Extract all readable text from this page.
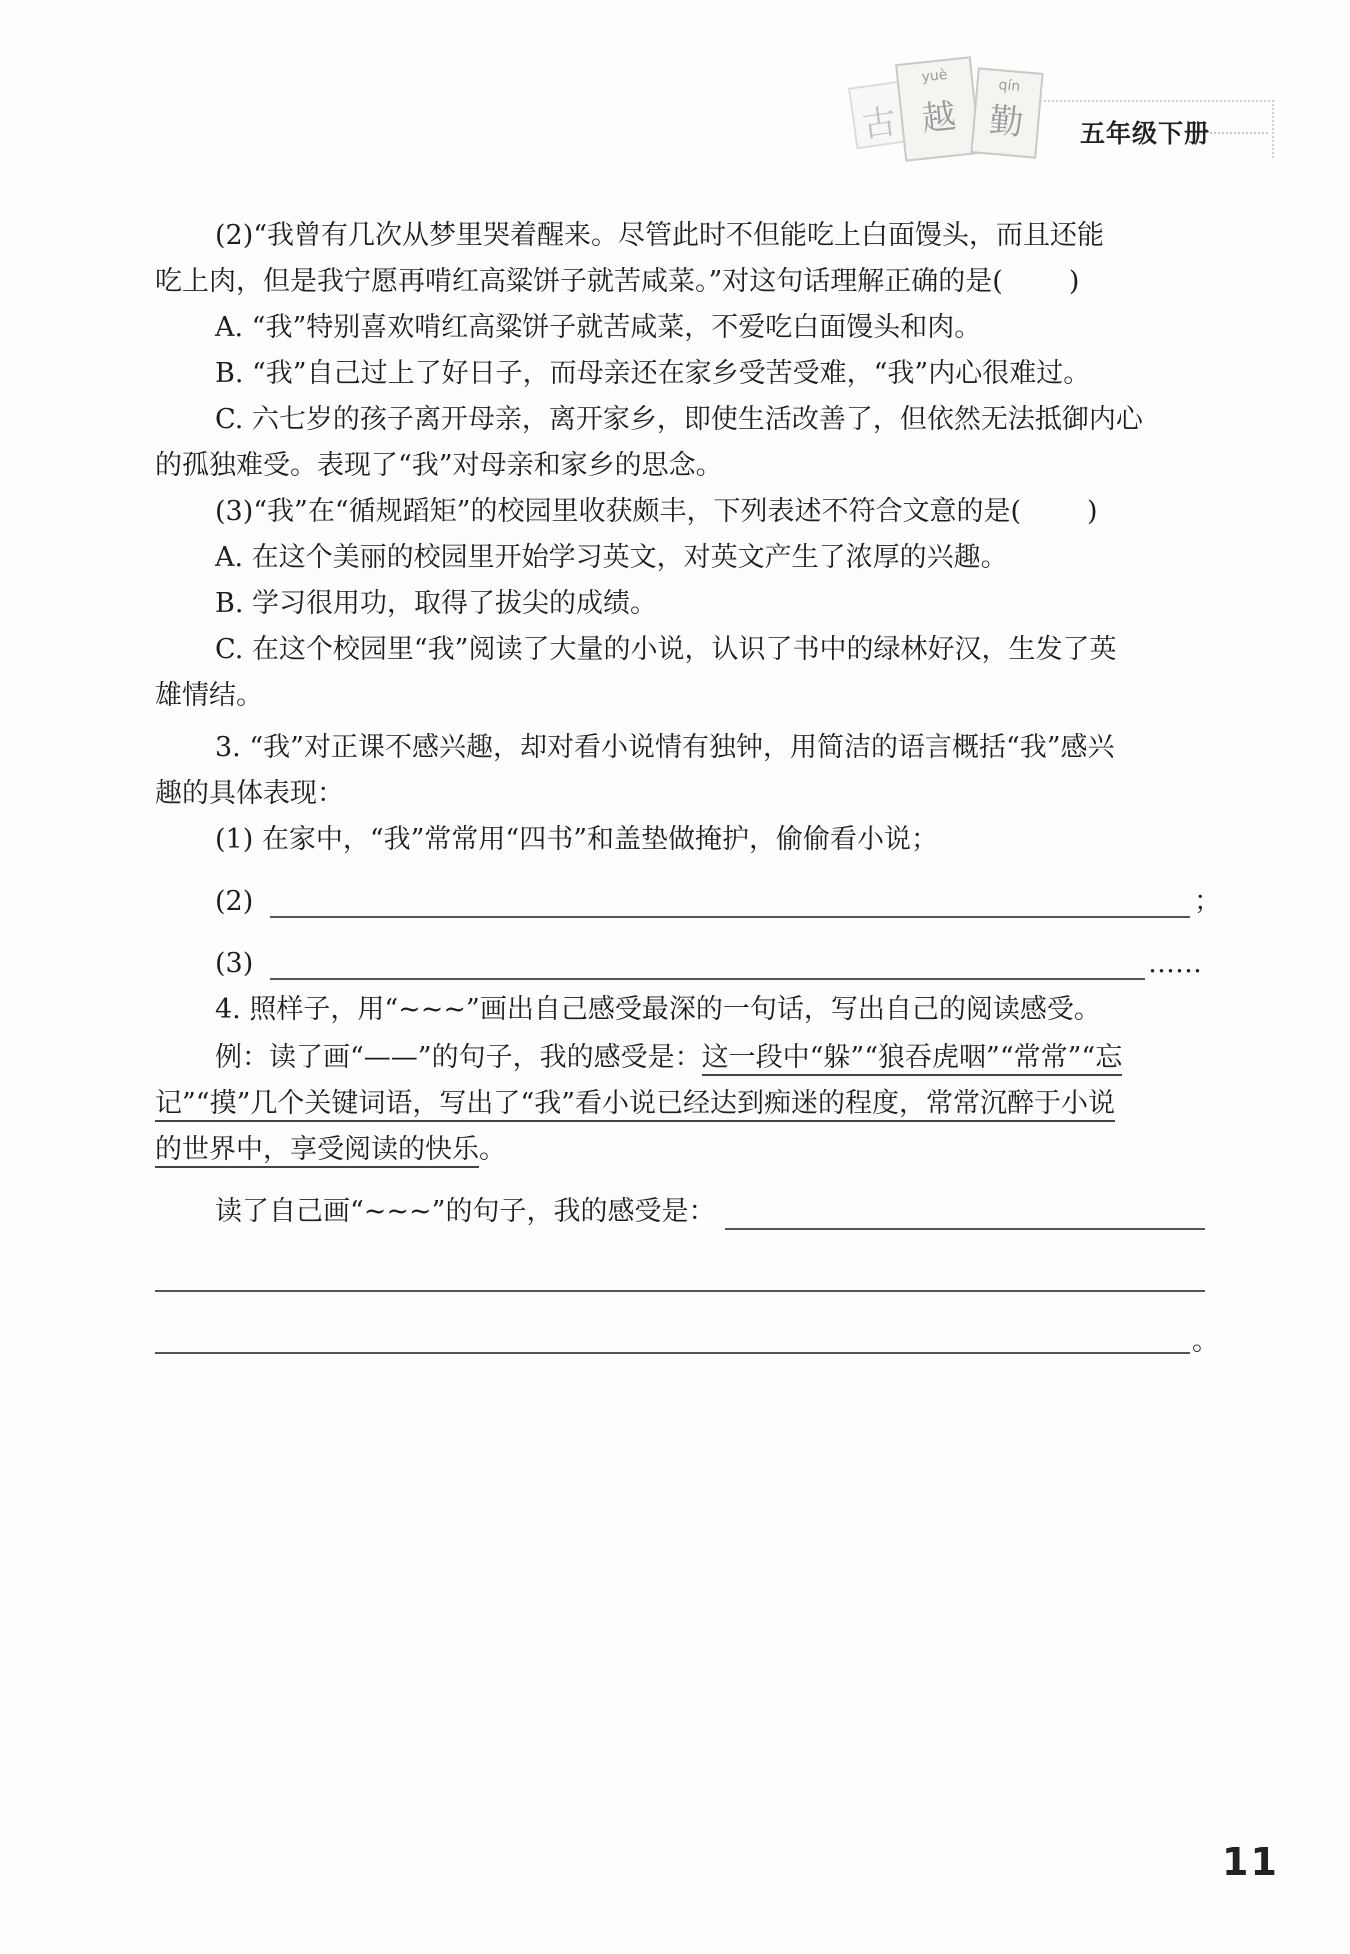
古
yuè
越
qín
勤 五年级下册
(2)“我曾有几次从梦里哭着醒来。尽管此时不但能吃上白面馒头，而且还能
吃上肉，但是我宁愿再啃红高粱饼子就苦咸菜。”对这句话理解正确的是( )
A. “我”特别喜欢啃红高粱饼子就苦咸菜，不爱吃白面馒头和肉。
B. “我”自己过上了好日子，而母亲还在家乡受苦受难，“我”内心很难过。
C. 六七岁的孩子离开母亲，离开家乡，即使生活改善了，但依然无法抵御内心
的孤独难受。表现了“我”对母亲和家乡的思念。
(3)“我”在“循规蹈矩”的校园里收获颇丰，下列表述不符合文意的是( )
A. 在这个美丽的校园里开始学习英文，对英文产生了浓厚的兴趣。
B. 学习很用功，取得了拔尖的成绩。
C. 在这个校园里“我”阅读了大量的小说，认识了书中的绿林好汉，生发了英
雄情结。
3. “我”对正课不感兴趣，却对看小说情有独钟，用简洁的语言概括“我”感兴
趣的具体表现：
(1) 在家中，“我”常常用“四书”和盖垫做掩护，偷偷看小说；
(2)	；
(3)	……
4. 照样子，用“~~~”画出自己感受最深的一句话，写出自己的阅读感受。
例：读了画“——”的句子，我的感受是：这一段中“躲”“狼吞虎咽”“常常”“忘
记”“摸”几个关键词语，写出了“我”看小说已经达到痴迷的程度，常常沉醉于小说
的世界中，享受阅读的快乐。
读了自己画“~~~”的句子，我的感受是：
。
11
